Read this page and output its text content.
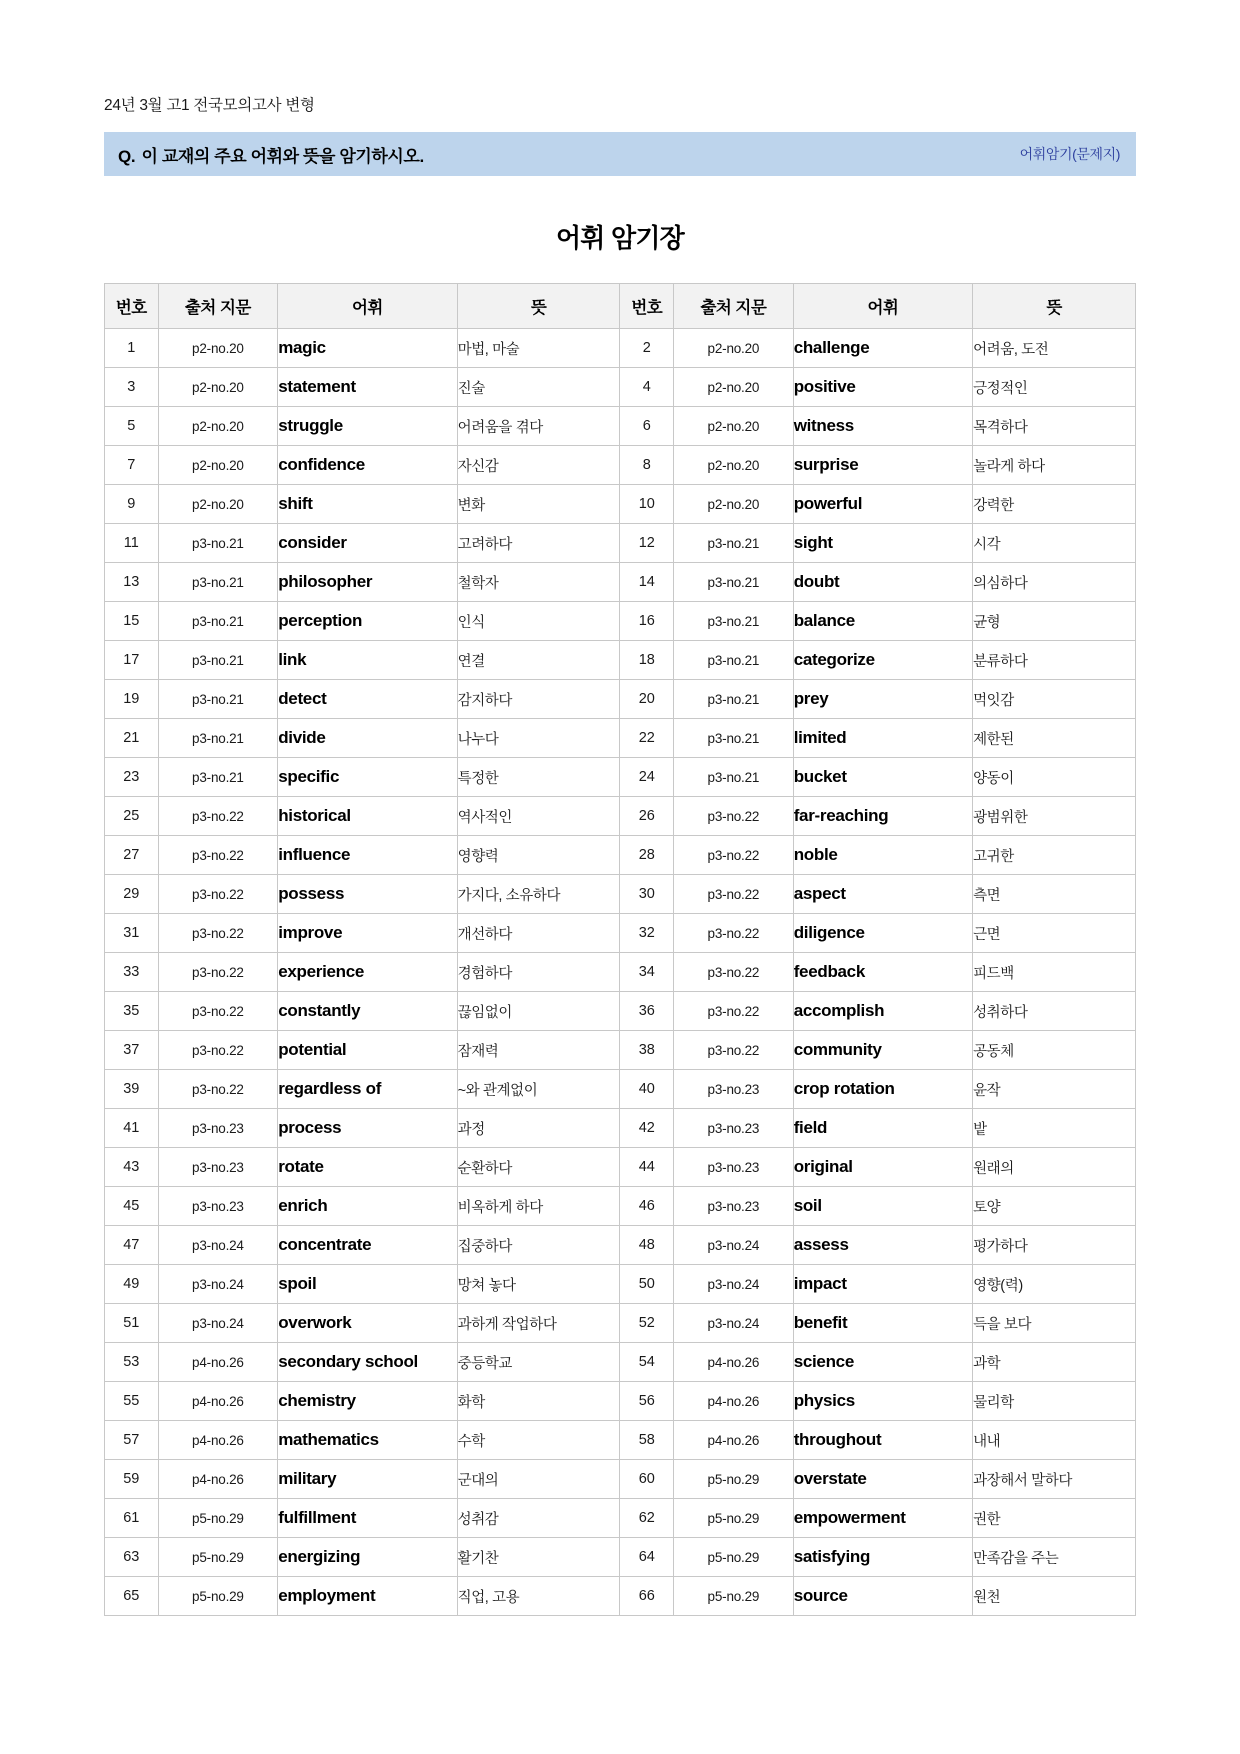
24년 3월 고1 전국모의고사 변형
Q. 이 교재의 주요 어휘와 뜻을 암기하시오.	어휘암기(문제지)
어휘 암기장
번호	출처 지문	어휘	뜻	번호	출처 지문	어휘	뜻
1	p2-no.20	magic	마법, 마술	2	p2-no.20	challenge	어려움, 도전
3	p2-no.20	statement	진술	4	p2-no.20	positive	긍정적인
5	p2-no.20	struggle	어려움을 겪다	6	p2-no.20	witness	목격하다
7	p2-no.20	confidence	자신감	8	p2-no.20	surprise	놀라게 하다
9	p2-no.20	shift	변화	10	p2-no.20	powerful	강력한
11	p3-no.21	consider	고려하다	12	p3-no.21	sight	시각
13	p3-no.21	philosopher	철학자	14	p3-no.21	doubt	의심하다
15	p3-no.21	perception	인식	16	p3-no.21	balance	균형
17	p3-no.21	link	연결	18	p3-no.21	categorize	분류하다
19	p3-no.21	detect	감지하다	20	p3-no.21	prey	먹잇감
21	p3-no.21	divide	나누다	22	p3-no.21	limited	제한된
23	p3-no.21	specific	특정한	24	p3-no.21	bucket	양동이
25	p3-no.22	historical	역사적인	26	p3-no.22	far-reaching	광범위한
27	p3-no.22	influence	영향력	28	p3-no.22	noble	고귀한
29	p3-no.22	possess	가지다, 소유하다	30	p3-no.22	aspect	측면
31	p3-no.22	improve	개선하다	32	p3-no.22	diligence	근면
33	p3-no.22	experience	경험하다	34	p3-no.22	feedback	피드백
35	p3-no.22	constantly	끊임없이	36	p3-no.22	accomplish	성취하다
37	p3-no.22	potential	잠재력	38	p3-no.22	community	공동체
39	p3-no.22	regardless of	~와 관계없이	40	p3-no.23	crop rotation	윤작
41	p3-no.23	process	과정	42	p3-no.23	field	밭
43	p3-no.23	rotate	순환하다	44	p3-no.23	original	원래의
45	p3-no.23	enrich	비옥하게 하다	46	p3-no.23	soil	토양
47	p3-no.24	concentrate	집중하다	48	p3-no.24	assess	평가하다
49	p3-no.24	spoil	망쳐 놓다	50	p3-no.24	impact	영향(력)
51	p3-no.24	overwork	과하게 작업하다	52	p3-no.24	benefit	득을 보다
53	p4-no.26	secondary school	중등학교	54	p4-no.26	science	과학
55	p4-no.26	chemistry	화학	56	p4-no.26	physics	물리학
57	p4-no.26	mathematics	수학	58	p4-no.26	throughout	내내
59	p4-no.26	military	군대의	60	p5-no.29	overstate	과장해서 말하다
61	p5-no.29	fulfillment	성취감	62	p5-no.29	empowerment	권한
63	p5-no.29	energizing	활기찬	64	p5-no.29	satisfying	만족감을 주는
65	p5-no.29	employment	직업, 고용	66	p5-no.29	source	원천
